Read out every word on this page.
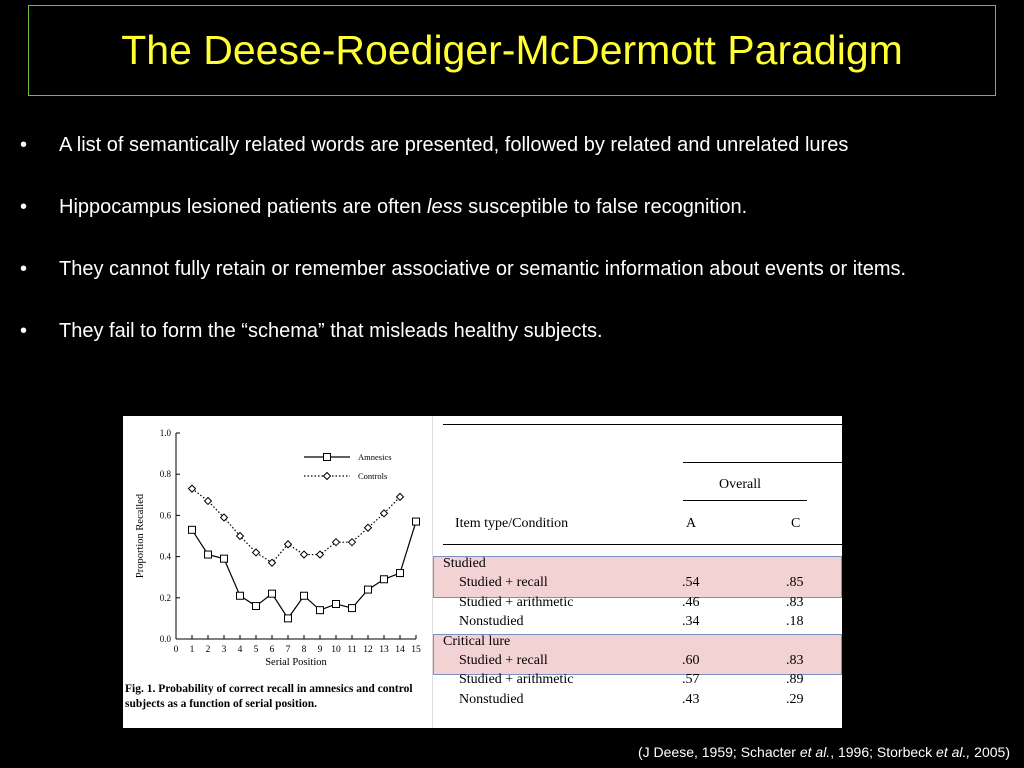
The Deese-Roediger-McDermott Paradigm
• A list of semantically related words are presented, followed by related and unrelated lures
• Hippocampus lesioned patients are often less susceptible to false recognition.
• They cannot fully retain or remember associative or semantic information about events or items.
• They fail to form the “schema” that misleads healthy subjects.
0.0
0.2
0.4
0.6
0.8
1.0
0 1 2 3 4 5 6 7 8 9 10 11 12 13 14 15
Serial Position
Proportion Recalled
Amnesics
Controls
Fig. 1. Probability of correct recall in amnesics and control subjects as a function of serial position.
Overall
Item type/Condition	A	C
Studied
Studied + recall	.54	.85
Studied + arithmetic	.46	.83
Nonstudied	.34	.18
Critical lure
Studied + recall	.60	.83
Studied + arithmetic	.57	.89
Nonstudied	.43	.29
(J Deese, 1959; Schacter et al., 1996; Storbeck et al., 2005)
